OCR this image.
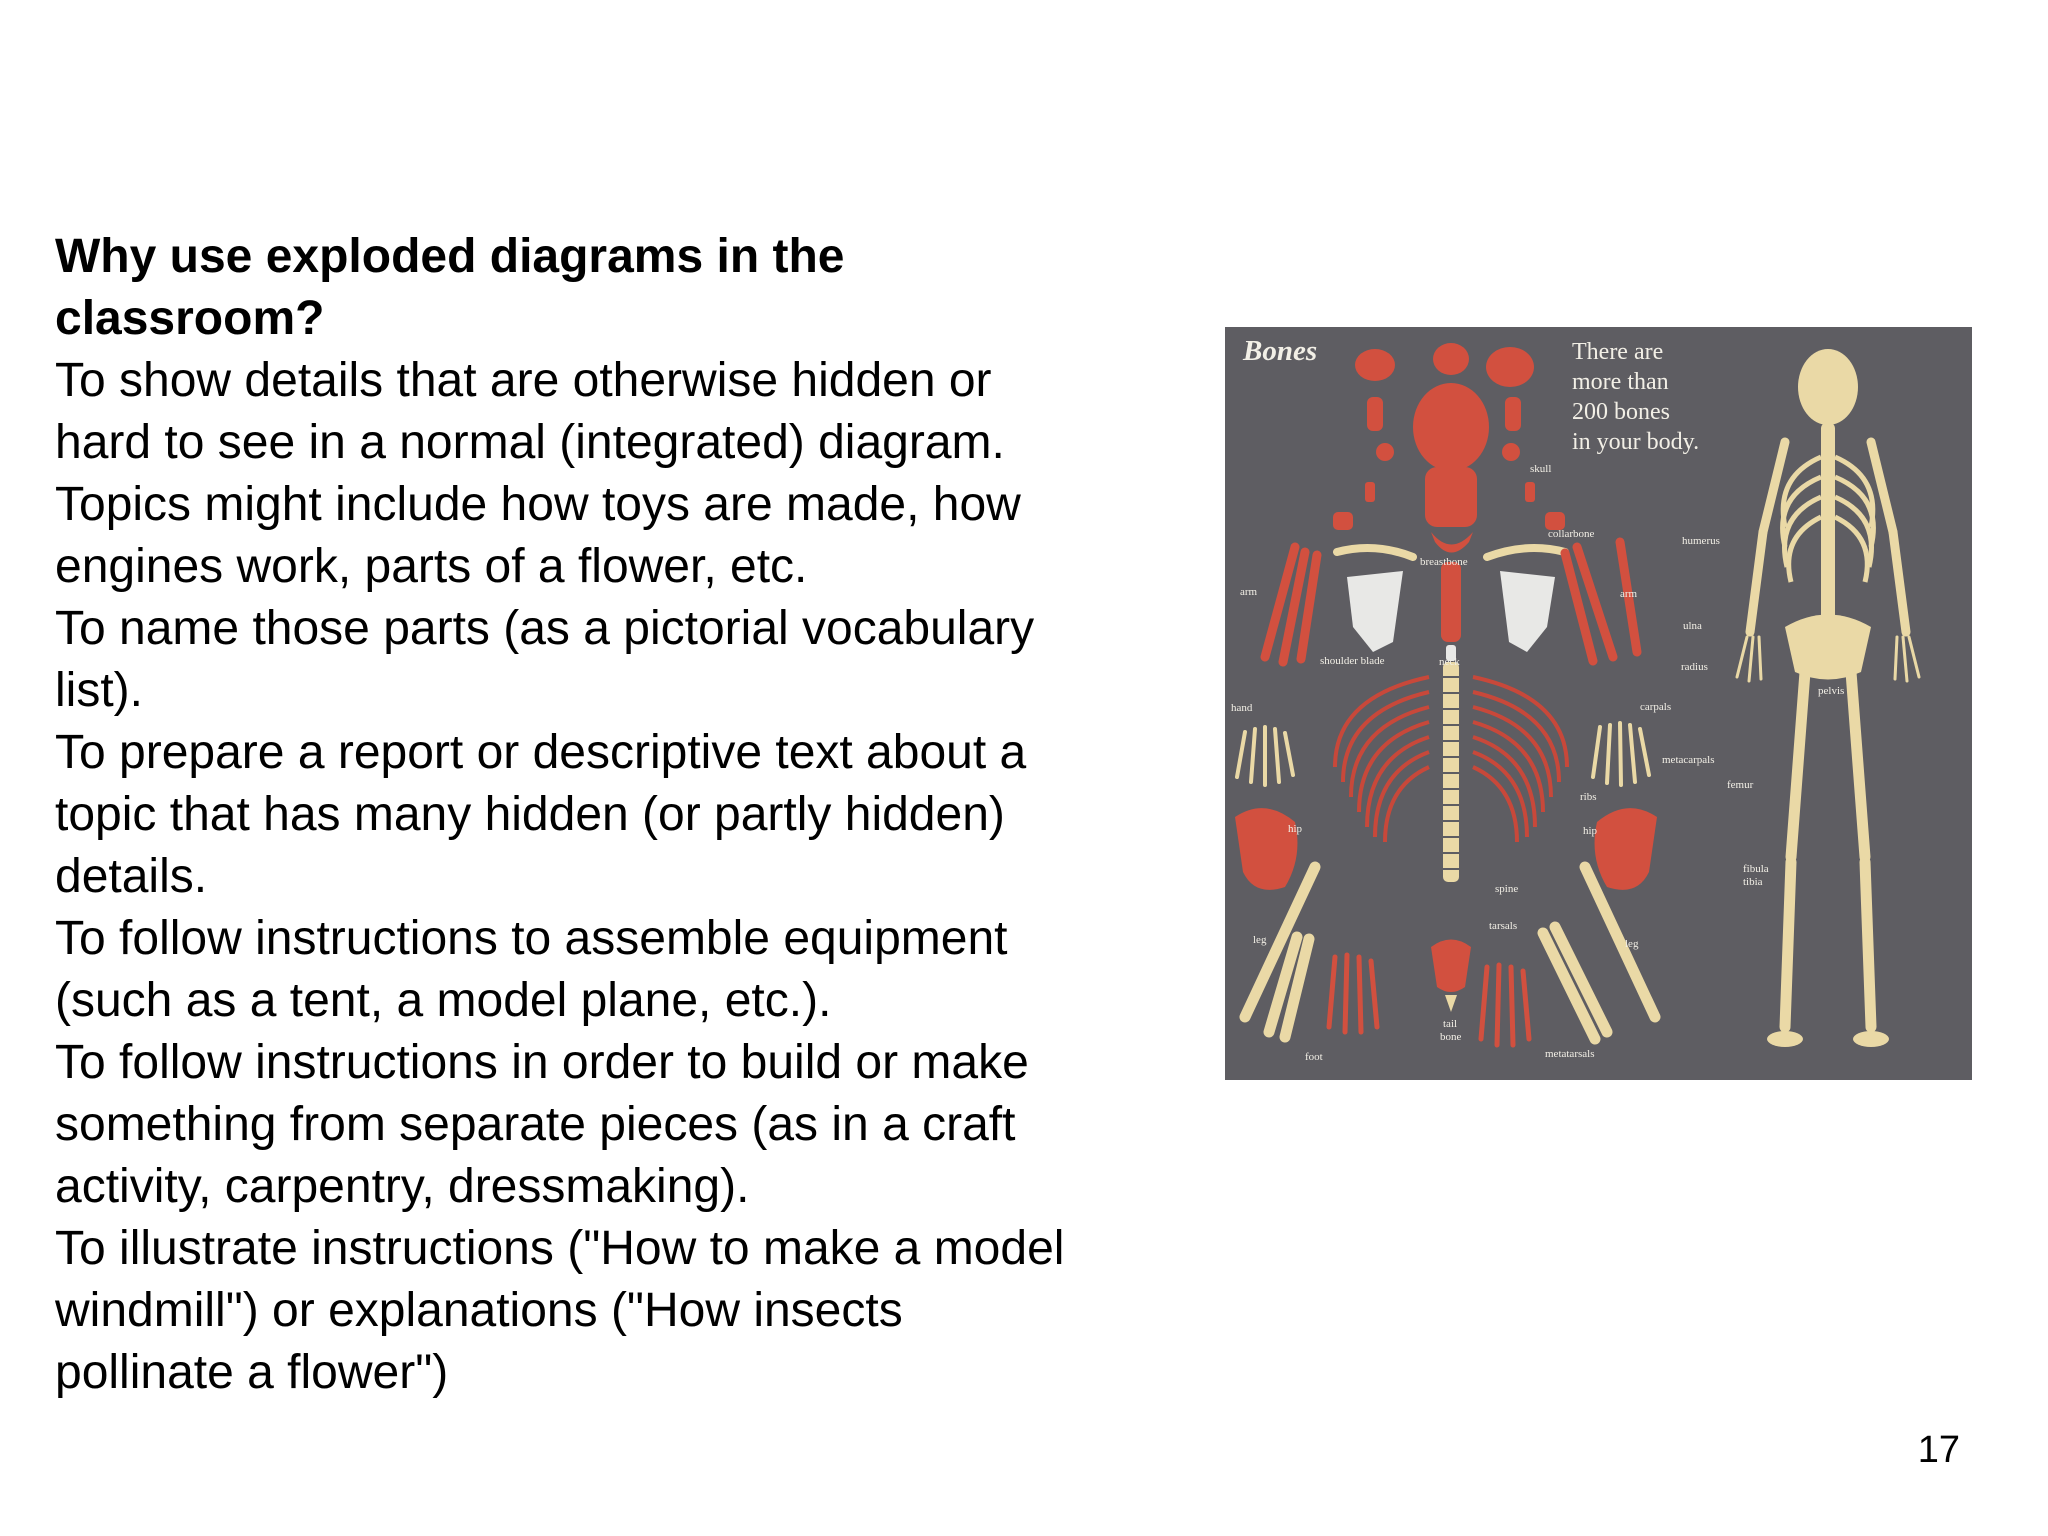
Why use exploded diagrams in the classroom?

To show details that are otherwise hidden or hard to see in a normal (integrated) diagram. Topics might include how toys are made, how engines work, parts of a flower, etc.

To name those parts (as a pictorial vocabulary list).

To prepare a report or descriptive text about a topic that has many hidden (or partly hidden) details.

To follow instructions to assemble equipment (such as a tent, a model plane, etc.).

To follow instructions in order to build or make something from separate pieces (as in a craft activity, carpentry, dressmaking).

To illustrate instructions ("How to make a model windmill") or explanations ("How insects pollinate a flower")

Bones	There are
more than
200 bones
in your body.
skull
collarbone
breastbone
humerus
arm	arm
ulna
radius
shoulder blade	neck
hand	carpals
pelvis
metacarpals
femur
ribs
hip	hip
fibula
tibia
spine
tarsals
leg	leg
tail
bone
foot	metatarsals
17
